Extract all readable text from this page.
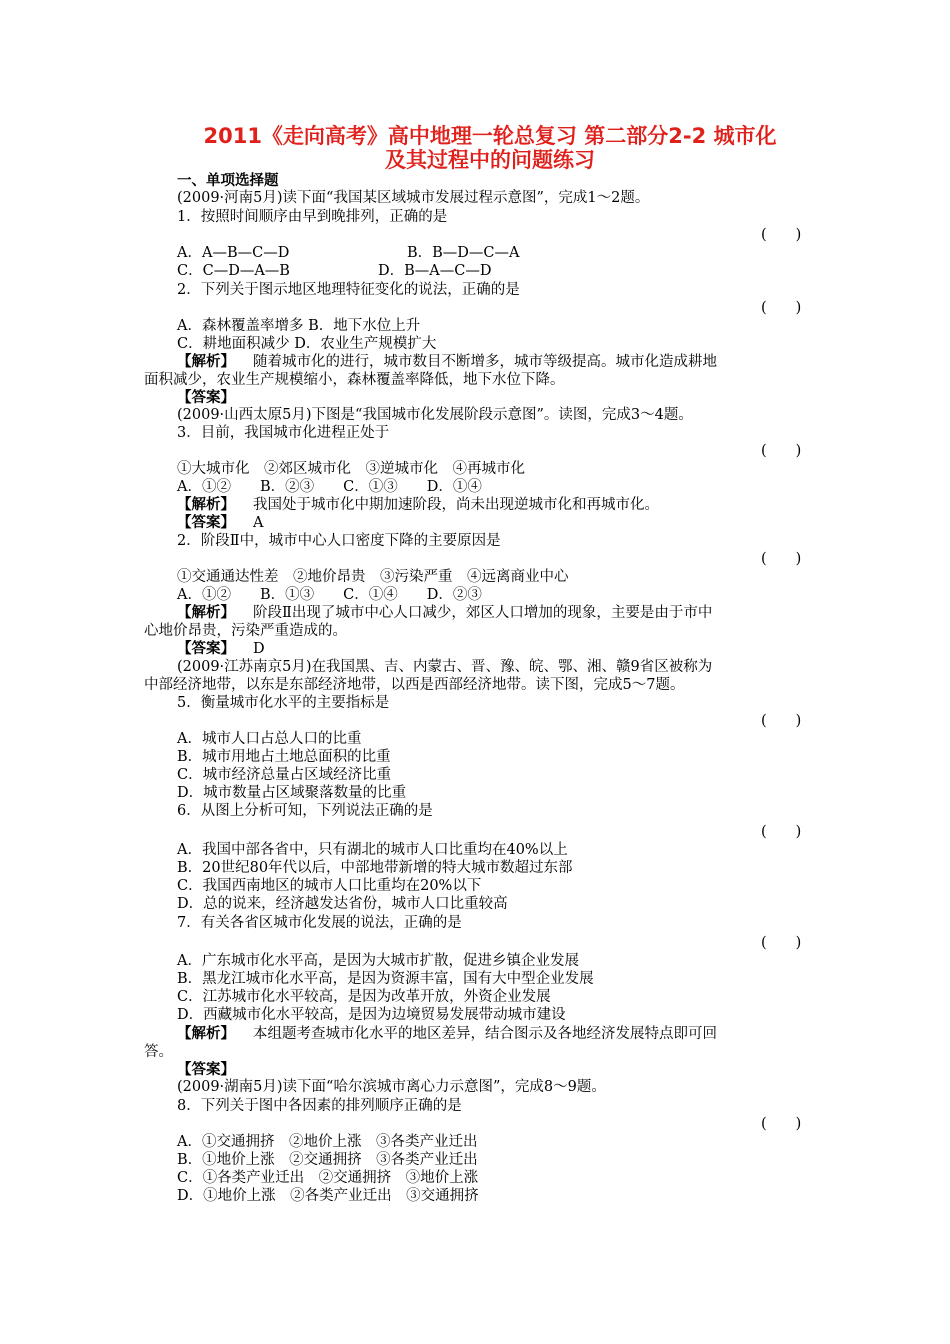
2011《走向高考》高中地理一轮总复习 第二部分2-2 城市化
及其过程中的问题练习
一、单项选择题
(2009·河南5月)读下面“我国某区域城市发展过程示意图”，完成1～2题。
1．按照时间顺序由早到晚排列，正确的是
(　　)
A．A—B—C—D	B．B—D—C—A
C．C—D—A—B	D．B—A—C—D
2．下列关于图示地区地理特征变化的说法，正确的是
(　　)
A．森林覆盖率增多 B．地下水位上升
C．耕地面积减少 D．农业生产规模扩大
【解析】 随着城市化的进行，城市数目不断增多，城市等级提高。城市化造成耕地
面积减少，农业生产规模缩小，森林覆盖率降低，地下水位下降。
【答案】
(2009·山西太原5月)下图是“我国城市化发展阶段示意图”。读图，完成3～4题。
3．目前，我国城市化进程正处于
(　　)
①大城市化　②郊区城市化　③逆城市化　④再城市化
A．①②　　B．②③　　C．①③　　D．①④
【解析】 我国处于城市化中期加速阶段，尚未出现逆城市化和再城市化。
【答案】 A
2．阶段Ⅱ中，城市中心人口密度下降的主要原因是
(　　)
①交通通达性差　②地价昂贵　③污染严重　④远离商业中心
A．①②　　B．①③　　C．①④　　D．②③
【解析】 阶段Ⅱ出现了城市中心人口减少，郊区人口增加的现象，主要是由于市中
心地价昂贵，污染严重造成的。
【答案】 D
(2009·江苏南京5月)在我国黑、吉、内蒙古、晋、豫、皖、鄂、湘、赣9省区被称为
中部经济地带，以东是东部经济地带，以西是西部经济地带。读下图，完成5～7题。
5．衡量城市化水平的主要指标是
(　　)
A．城市人口占总人口的比重
B．城市用地占土地总面积的比重
C．城市经济总量占区域经济比重
D．城市数量占区域聚落数量的比重
6．从图上分析可知，下列说法正确的是
(　　)
A．我国中部各省中，只有湖北的城市人口比重均在40%以上
B．20世纪80年代以后，中部地带新增的特大城市数超过东部
C．我国西南地区的城市人口比重均在20%以下
D．总的说来，经济越发达省份，城市人口比重较高
7．有关各省区城市化发展的说法，正确的是
(　　)
A．广东城市化水平高，是因为大城市扩散，促进乡镇企业发展
B．黑龙江城市化水平高，是因为资源丰富，国有大中型企业发展
C．江苏城市化水平较高，是因为改革开放，外资企业发展
D．西藏城市化水平较高，是因为边境贸易发展带动城市建设
【解析】 本组题考查城市化水平的地区差异，结合图示及各地经济发展特点即可回
答。
【答案】
(2009·湖南5月)读下面“哈尔滨城市离心力示意图”，完成8～9题。
8．下列关于图中各因素的排列顺序正确的是
(　　)
A．①交通拥挤　②地价上涨　③各类产业迁出
B．①地价上涨　②交通拥挤　③各类产业迁出
C．①各类产业迁出　②交通拥挤　③地价上涨
D．①地价上涨　②各类产业迁出　③交通拥挤
